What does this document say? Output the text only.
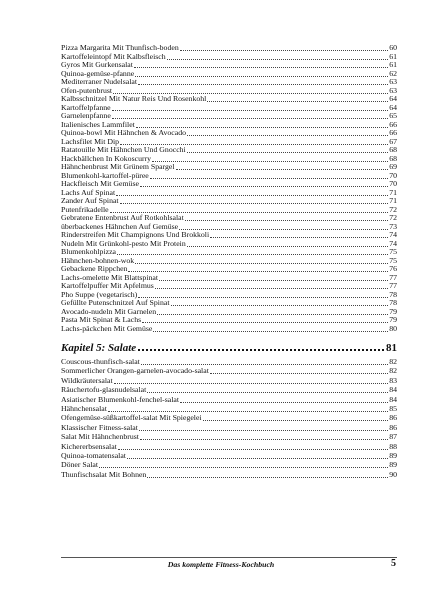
Pizza Margarita Mit Thunfisch-boden	60
Kartoffeleintopf Mit Kalbsfleisch	61
Gyros Mit Gurkensalat	61
Quinoa-gemüse-pfanne	62
Mediterraner Nudelsalat	63
Ofen-putenbrust	63
Kalbsschnitzel Mit Natur Reis Und Rosenkohl	64
Kartoffelpfanne	64
Garnelenpfanne	65
Italienisches Lammfilet	66
Quinoa-bowl Mit Hähnchen & Avocado	66
Lachsfilet Mit Dip	67
Ratatouille Mit Hähnchen Und Gnocchi	68
Hackbällchen In Kokoscurry	68
Hähnchenbrust Mit Grünem Spargel	69
Blumenkohl-kartoffel-püree	70
Hackfleisch Mit Gemüse	70
Lachs Auf Spinat	71
Zander Auf Spinat	71
Putenfrikadelle	72
Gebratene Entenbrust Auf Rotkohlsalat	72
überbackenes Hähnchen Auf Gemüse	73
Rinderstreifen Mit Champignons Und Brokkoli	74
Nudeln Mit Grünkohl-pesto Mit Protein	74
Blumenkohlpizza	75
Hähnchen-bohnen-wok	75
Gebackene Rippchen	76
Lachs-omelette Mit Blattspinat	77
Kartoffelpuffer Mit Apfelmus	77
Pho Suppe (vegetarisch)	78
Gefüllte Putenschnitzel Auf Spinat	78
Avocado-nudeln Mit Garnelen	79
Pasta Mit Spinat & Lachs	79
Lachs-päckchen Mit Gemüse	80
Kapitel 5: Salate	81
Couscous-thunfisch-salat	82
Sommerlicher Orangen-garnelen-avocado-salat	82
Wildkräutersalat	83
Räuchertofu-glasnudelsalat	84
Asiatischer Blumenkohl-fenchel-salat	84
Hähnchensalat	85
Ofengemüse-süßkartoffel-salat Mit Spiegelei	86
Klassischer Fitness-salat	86
Salat Mit Hähnchenbrust	87
Kichererbsensalat	88
Quinoa-tomatensalat	89
Döner Salat	89
Thunfischsalat Mit Bohnen	90
Das komplette Fitness-Kochbuch	5
